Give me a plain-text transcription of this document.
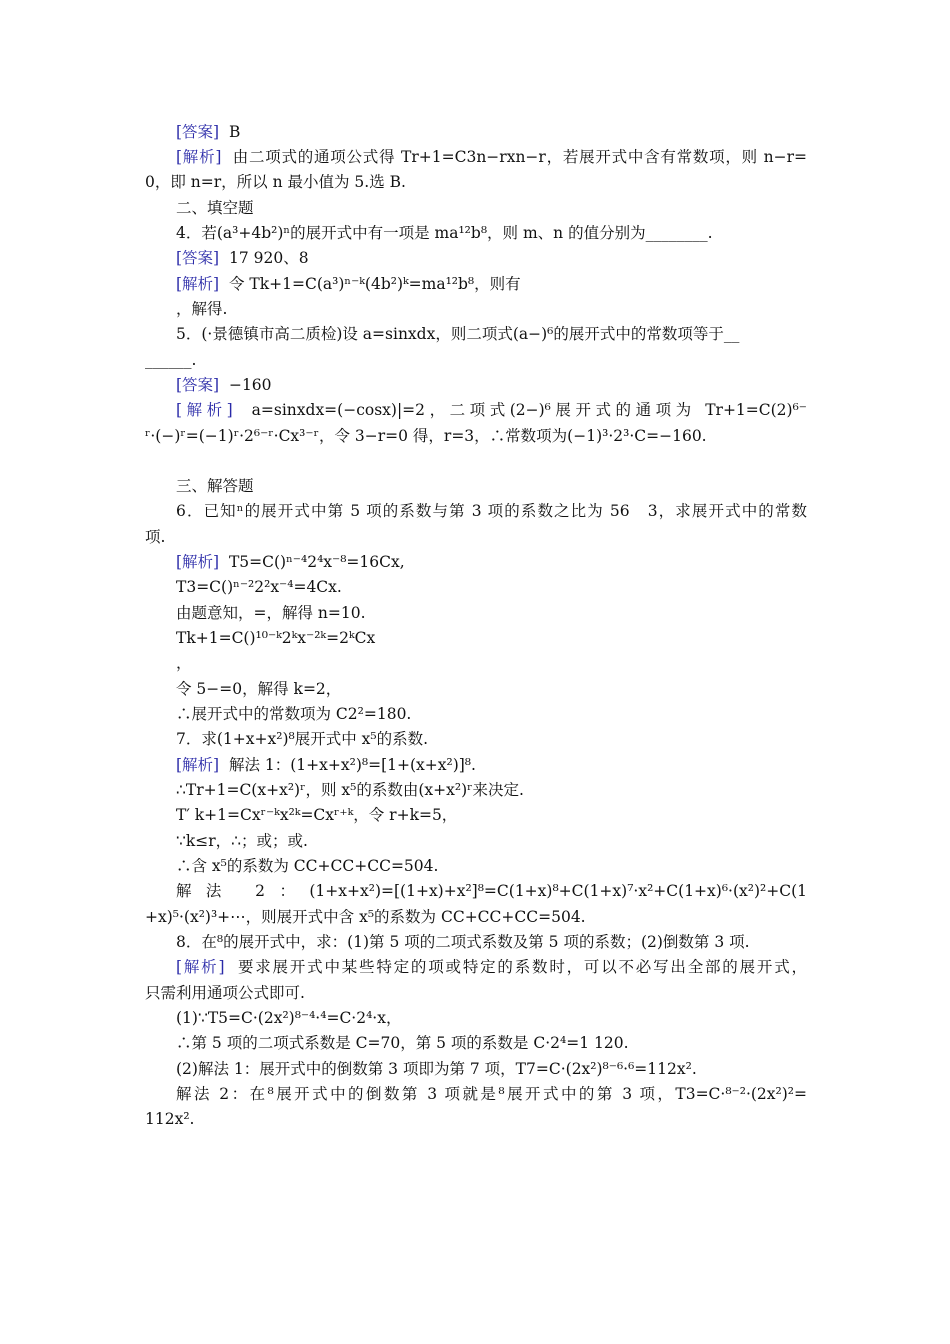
[答案]  B
[解析]  由二项式的通项公式得 Tr+1=C3n−rxn−r，若展开式中含有常数项，则 n−r=
0，即 n=r，所以 n 最小值为 5.选 B.
二、填空题
4．若(a³+4b²)ⁿ的展开式中有一项是 ma¹²b⁸，则 m、n 的值分别为________.
[答案]  17 920、8
[解析]  令 Tk+1=C(a³)ⁿ⁻ᵏ(4b²)ᵏ=ma¹²b⁸，则有
，解得.
5．(·景德镇市高二质检)设 a=sinxdx，则二项式(a−)⁶的展开式中的常数项等于__
______.
[答案]  −160
[解析]  a=sinxdx=(−cosx)|=2，二项式(2−)⁶展开式的通项为 Tr+1=C(2)⁶⁻
ʳ·(−)ʳ=(−1)ʳ·2⁶⁻ʳ·Cx³⁻ʳ，令 3−r=0 得，r=3，∴常数项为(−1)³·2³·C=−160.
三、解答题
6．已知ⁿ的展开式中第 5 项的系数与第 3 项的系数之比为 56   3，求展开式中的常数
项.
[解析]  T5=C()ⁿ⁻⁴2⁴x⁻⁸=16Cx,
T3=C()ⁿ⁻²2²x⁻⁴=4Cx.
由题意知，=，解得 n=10.
Tk+1=C()¹⁰⁻ᵏ2ᵏx⁻²ᵏ=2ᵏCx
，
令 5−=0，解得 k=2，
∴展开式中的常数项为 C2²=180.
7．求(1+x+x²)⁸展开式中 x⁵的系数.
[解析]  解法 1：(1+x+x²)⁸=[1+(x+x²)]⁸.
∴Tr+1=C(x+x²)ʳ，则 x⁵的系数由(x+x²)ʳ来决定.
T′ k+1=Cxʳ⁻ᵏx²ᵏ=Cxʳ⁺ᵏ，令 r+k=5，
∵k≤r，∴；或；或.
∴含 x⁵的系数为 CC+CC+CC=504.
解法 2：(1+x+x²)=[(1+x)+x²]⁸=C(1+x)⁸+C(1+x)⁷·x²+C(1+x)⁶·(x²)²+C(1
+x)⁵·(x²)³+⋯，则展开式中含 x⁵的系数为 CC+CC+CC=504.
8．在⁸的展开式中，求：(1)第 5 项的二项式系数及第 5 项的系数；(2)倒数第 3 项.
[解析]  要求展开式中某些特定的项或特定的系数时，可以不必写出全部的展开式，
只需利用通项公式即可.
(1)∵T5=C·(2x²)⁸⁻⁴·⁴=C·2⁴·x，
∴第 5 项的二项式系数是 C=70，第 5 项的系数是 C·2⁴=1 120.
(2)解法 1：展开式中的倒数第 3 项即为第 7 项，T7=C·(2x²)⁸⁻⁶·⁶=112x².
解法 2：在⁸展开式中的倒数第 3 项就是⁸展开式中的第 3 项，T3=C·⁸⁻²·(2x²)²=
112x².
